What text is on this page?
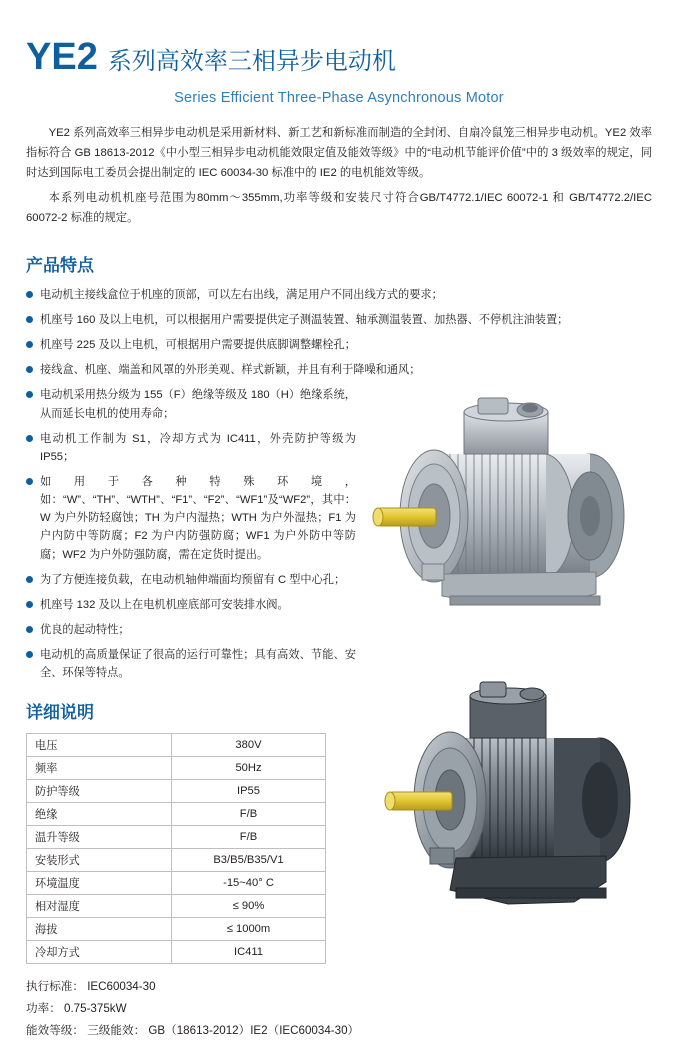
YE2 系列高效率三相异步电动机
Series Efficient Three-Phase Asynchronous Motor

YE2 系列高效率三相异步电动机是采用新材料、新工艺和新标准而制造的全封闭、自扇冷鼠笼三相异步电动机。YE2 效率指标符合 GB 18613-2012《中小型三相异步电动机能效限定值及能效等级》中的“电动机节能评价值”中的 3 级效率的规定，同时达到国际电工委员会提出制定的 IEC 60034-30 标准中的 IE2 的电机能效等级。

本系列电动机机座号范围为80mm～355mm,功率等级和安装尺寸符合GB/T4772.1/IEC 60072-1 和 GB/T4772.2/IEC 60072-2 标准的规定。

产品特点
电动机主接线盒位于机座的顶部，可以左右出线，满足用户不同出线方式的要求；
机座号 160 及以上电机，可以根据用户需要提供定子测温装置、轴承测温装置、加热器、不停机注油装置；
机座号 225 及以上电机，可根据用户需要提供底脚调整螺栓孔；
接线盒、机座、端盖和风罩的外形美观、样式新颖，并且有利于降噪和通风；
电动机采用热分级为 155（F）绝缘等级及 180（H）绝缘系统，从而延长电机的使用寿命；
电动机工作制为 S1，冷却方式为 IC411，外壳防护等级为 IP55；
如用于各种特殊环境，如：“W”、“TH”、“WTH”、“F1”、“F2”、“WF1”及“WF2”，其中：W 为户外防轻腐蚀；TH 为户内湿热；WTH 为户外湿热；F1 为户内防中等防腐；F2 为户内防强防腐；WF1 为户外防中等防腐；WF2 为户外防强防腐，需在定货时提出。
为了方便连接负载，在电动机轴伸端面均预留有 C 型中心孔；
机座号 132 及以上在电机机座底部可安装排水阀。
优良的起动特性；
电动机的高质量保证了很高的运行可靠性；具有高效、节能、安全、环保等特点。
详细说明
电压	380V
频率	50Hz
防护等级	IP55
绝缘	F/B
温升等级	F/B
安装形式	B3/B5/B35/V1
环境温度	-15~40° C
相对湿度	≤ 90%
海拔	≤ 1000m
冷却方式	IC411
执行标准： IEC60034-30
功率： 0.75-375kW
能效等级： 三级能效： GB（18613-2012）IE2（IEC60034-30）
